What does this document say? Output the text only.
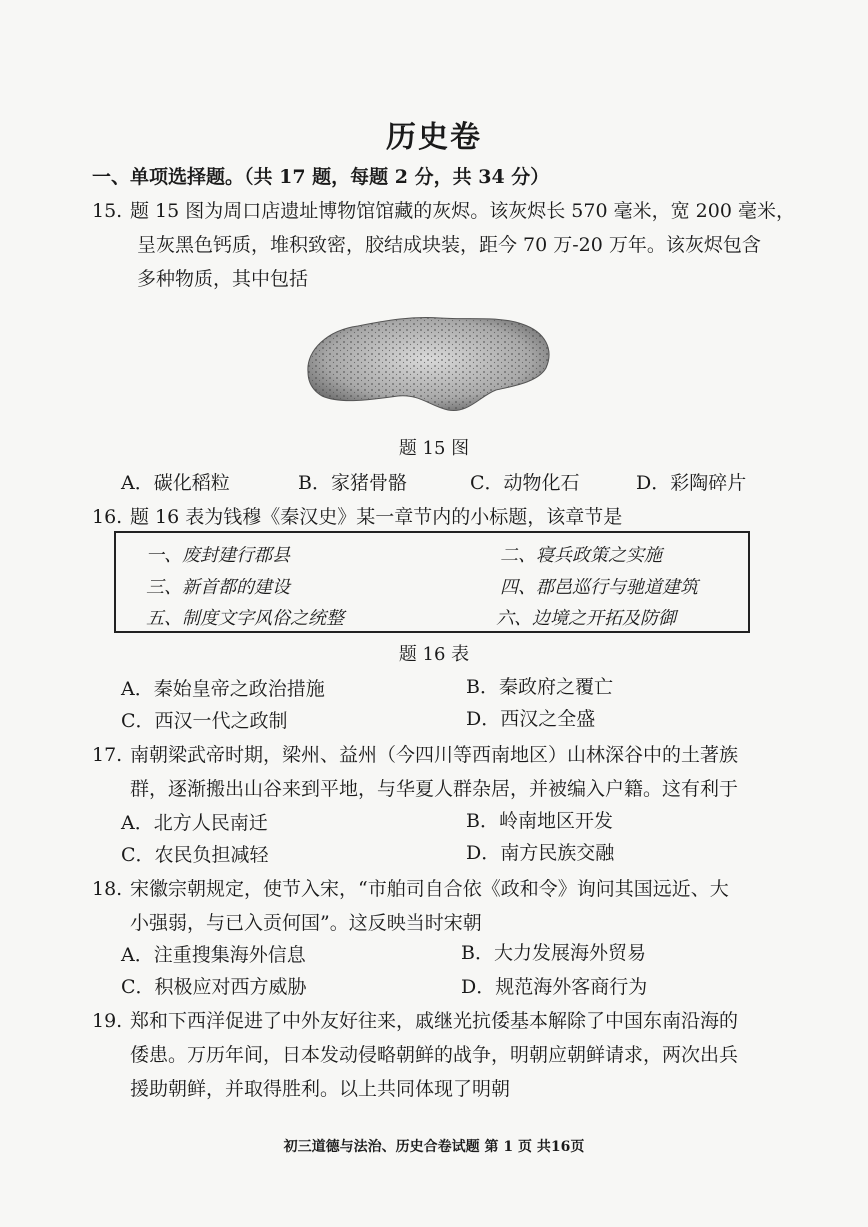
历史卷
一、单项选择题。（共 17 题，每题 2 分，共 34 分）
15. 题 15 图为周口店遗址博物馆馆藏的灰烬。该灰烬长 570 毫米，宽 200 毫米，
呈灰黑色钙质，堆积致密，胶结成块装，距今 70 万-20 万年。该灰烬包含
多种物质，其中包括
题 15 图
A．碳化稻粒	B．家猪骨骼	C．动物化石	D．彩陶碎片
16. 题 16 表为钱穆《秦汉史》某一章节内的小标题，该章节是
一、废封建行郡县	二、寝兵政策之实施
三、新首都的建设	四、郡邑巡行与驰道建筑
五、制度文字风俗之统整	六、边境之开拓及防御
题 16 表
A．秦始皇帝之政治措施	B．秦政府之覆亡
C．西汉一代之政制	D．西汉之全盛
17. 南朝梁武帝时期，梁州、益州（今四川等西南地区）山林深谷中的土著族
群，逐渐搬出山谷来到平地，与华夏人群杂居，并被编入户籍。这有利于
A．北方人民南迁	B．岭南地区开发
C．农民负担减轻	D．南方民族交融
18. 宋徽宗朝规定，使节入宋，“市舶司自合依《政和令》询问其国远近、大
小强弱，与已入贡何国”。这反映当时宋朝
A．注重搜集海外信息	B．大力发展海外贸易
C．积极应对西方威胁	D．规范海外客商行为
19. 郑和下西洋促进了中外友好往来，戚继光抗倭基本解除了中国东南沿海的
倭患。万历年间，日本发动侵略朝鲜的战争，明朝应朝鲜请求，两次出兵
援助朝鲜，并取得胜利。以上共同体现了明朝
初三道德与法治、历史合卷试题 第 1 页 共16页
